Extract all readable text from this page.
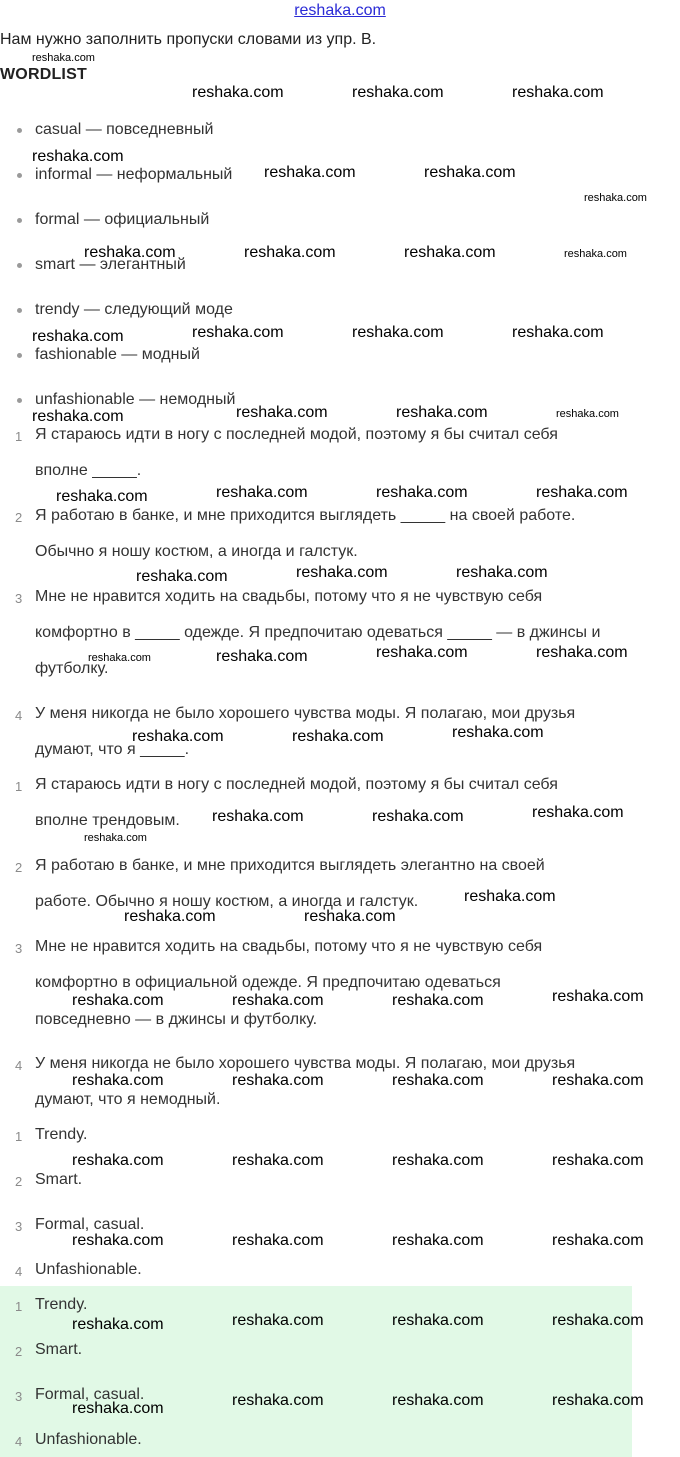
reshaka.com

Нам нужно заполнить пропуски словами из упр. B.

WORDLIST

casual — повседневный
informal — неформальный
formal — официальный
smart — элегантный
trendy — следующий моде
fashionable — модный
unfashionable — немодный
1 Я стараюсь идти в ногу с последней модой, поэтому я бы считал себя
вполне _____.
2 Я работаю в банке, и мне приходится выглядеть _____ на своей работе.
Обычно я ношу костюм, а иногда и галстук.
3 Мне не нравится ходить на свадьбы, потому что я не чувствую себя
комфортно в _____ одежде. Я предпочитаю одеваться _____ — в джинсы и
футболку.
4 У меня никогда не было хорошего чувства моды. Я полагаю, мои друзья
думают, что я _____.
1 Я стараюсь идти в ногу с последней модой, поэтому я бы считал себя
вполне трендовым.
2 Я работаю в банке, и мне приходится выглядеть элегантно на своей
работе. Обычно я ношу костюм, а иногда и галстук.
3 Мне не нравится ходить на свадьбы, потому что я не чувствую себя
комфортно в официальной одежде. Я предпочитаю одеваться
повседневно — в джинсы и футболку.
4 У меня никогда не было хорошего чувства моды. Я полагаю, мои друзья
думают, что я немодный.
1 Trendy.
2 Smart.
3 Formal, casual.
4 Unfashionable.
1 Trendy.
2 Smart.
3 Formal, casual.
4 Unfashionable.
reshaka.com
reshaka.com	reshaka.com	reshaka.com
reshaka.com
reshaka.com	reshaka.com
reshaka.com
reshaka.com	reshaka.com	reshaka.com	reshaka.com
reshaka.com	reshaka.com	reshaka.com	reshaka.com
reshaka.com	reshaka.com	reshaka.com	reshaka.com
reshaka.com	reshaka.com	reshaka.com	reshaka.com
reshaka.com	reshaka.com	reshaka.com
reshaka.com	reshaka.com	reshaka.com	reshaka.com
reshaka.com	reshaka.com	reshaka.com
reshaka.com	reshaka.com	reshaka.com
reshaka.com
reshaka.com
reshaka.com	reshaka.com
reshaka.com	reshaka.com	reshaka.com	reshaka.com
reshaka.com	reshaka.com	reshaka.com	reshaka.com
reshaka.com	reshaka.com	reshaka.com	reshaka.com
reshaka.com	reshaka.com	reshaka.com	reshaka.com
reshaka.com	reshaka.com	reshaka.com	reshaka.com
reshaka.com	reshaka.com	reshaka.com	reshaka.com
